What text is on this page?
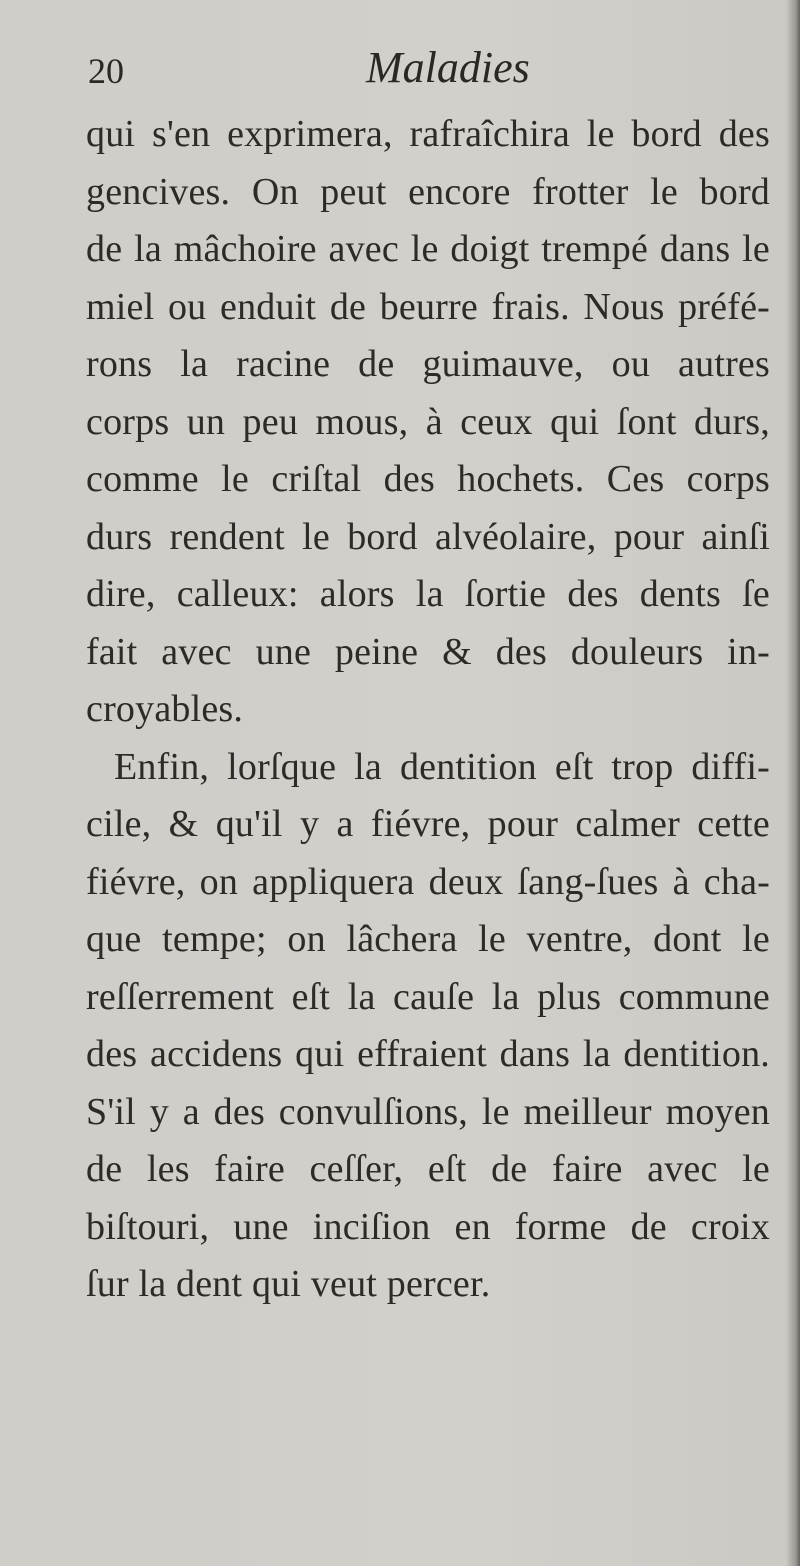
20	Maladies
qui s'en exprimera, rafraîchira le bord des
gencives. On peut encore frotter le bord
de la mâchoire avec le doigt trempé dans le
miel ou enduit de beurre frais. Nous préfé-
rons la racine de guimauve, ou autres
corps un peu mous, à ceux qui ſont durs,
comme le criſtal des hochets. Ces corps
durs rendent le bord alvéolaire, pour ainſi
dire, calleux: alors la ſortie des dents ſe
fait avec une peine & des douleurs in-
croyables.
Enfin, lorſque la dentition eſt trop diffi-
cile, & qu'il y a fiévre, pour calmer cette
fiévre, on appliquera deux ſang-ſues à cha-
que tempe; on lâchera le ventre, dont le
reſſerrement eſt la cauſe la plus commune
des accidens qui effraient dans la dentition.
S'il y a des convulſions, le meilleur moyen
de les faire ceſſer, eſt de faire avec le
biſtouri, une inciſion en forme de croix
ſur la dent qui veut percer.
